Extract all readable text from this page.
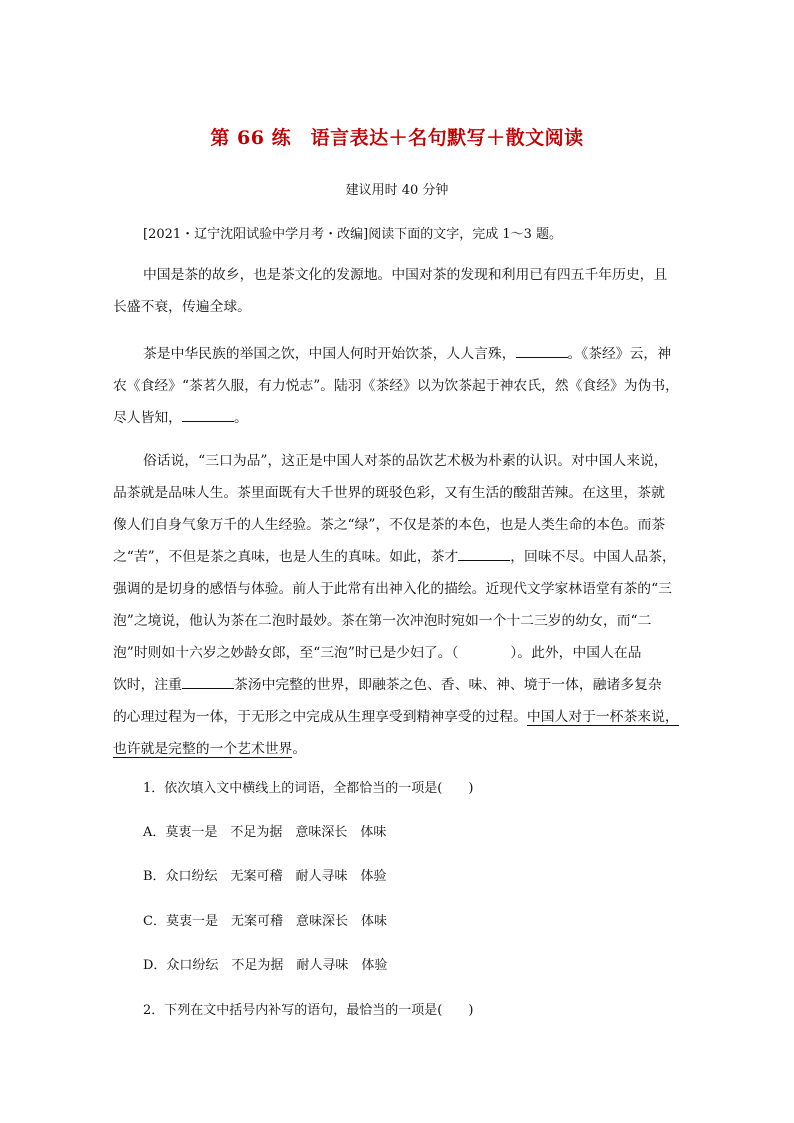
第 66 练　语言表达＋名句默写＋散文阅读
建议用时 40 分钟
[2021・辽宁沈阳试验中学月考・改编]阅读下面的文字，完成 1～3 题。
中国是茶的故乡，也是茶文化的发源地。中国对茶的发现和利用已有四五千年历史，且
长盛不衰，传遍全球。
茶是中华民族的举国之饮，中国人何时开始饮茶，人人言殊，	。《茶经》云，神
农《食经》“茶茗久服，有力悦志”。陆羽《茶经》以为饮茶起于神农氏，然《食经》为伪书，
尽人皆知，	。
俗话说，“三口为品”，这正是中国人对茶的品饮艺术极为朴素的认识。对中国人来说，
品茶就是品味人生。茶里面既有大千世界的斑驳色彩，又有生活的酸甜苦辣。在这里，茶就
像人们自身气象万千的人生经验。茶之“绿”，不仅是茶的本色，也是人类生命的本色。而茶
之“苦”，不但是茶之真味，也是人生的真味。如此，茶才	，回味不尽。中国人品茶，
强调的是切身的感悟与体验。前人于此常有出神入化的描绘。近现代文学家林语堂有茶的“三
泡”之境说，他认为茶在二泡时最妙。茶在第一次冲泡时宛如一个十二三岁的幼女，而“二
泡”时则如十六岁之妙龄女郎，至“三泡”时已是少妇了。（	）。此外，中国人在品
饮时，注重	茶汤中完整的世界，即融茶之色、香、味、神、境于一体，融诸多复杂
的心理过程为一体，于无形之中完成从生理享受到精神享受的过程。中国人对于一杯茶来说，
也许就是完整的一个艺术世界。
1．依次填入文中横线上的词语，全都恰当的一项是(　　)
A．莫衷一是　不足为据　意味深长　体味
B．众口纷纭　无案可稽　耐人寻味　体验
C．莫衷一是　无案可稽　意味深长　体味
D．众口纷纭　不足为据　耐人寻味　体验
2．下列在文中括号内补写的语句，最恰当的一项是(　　)
